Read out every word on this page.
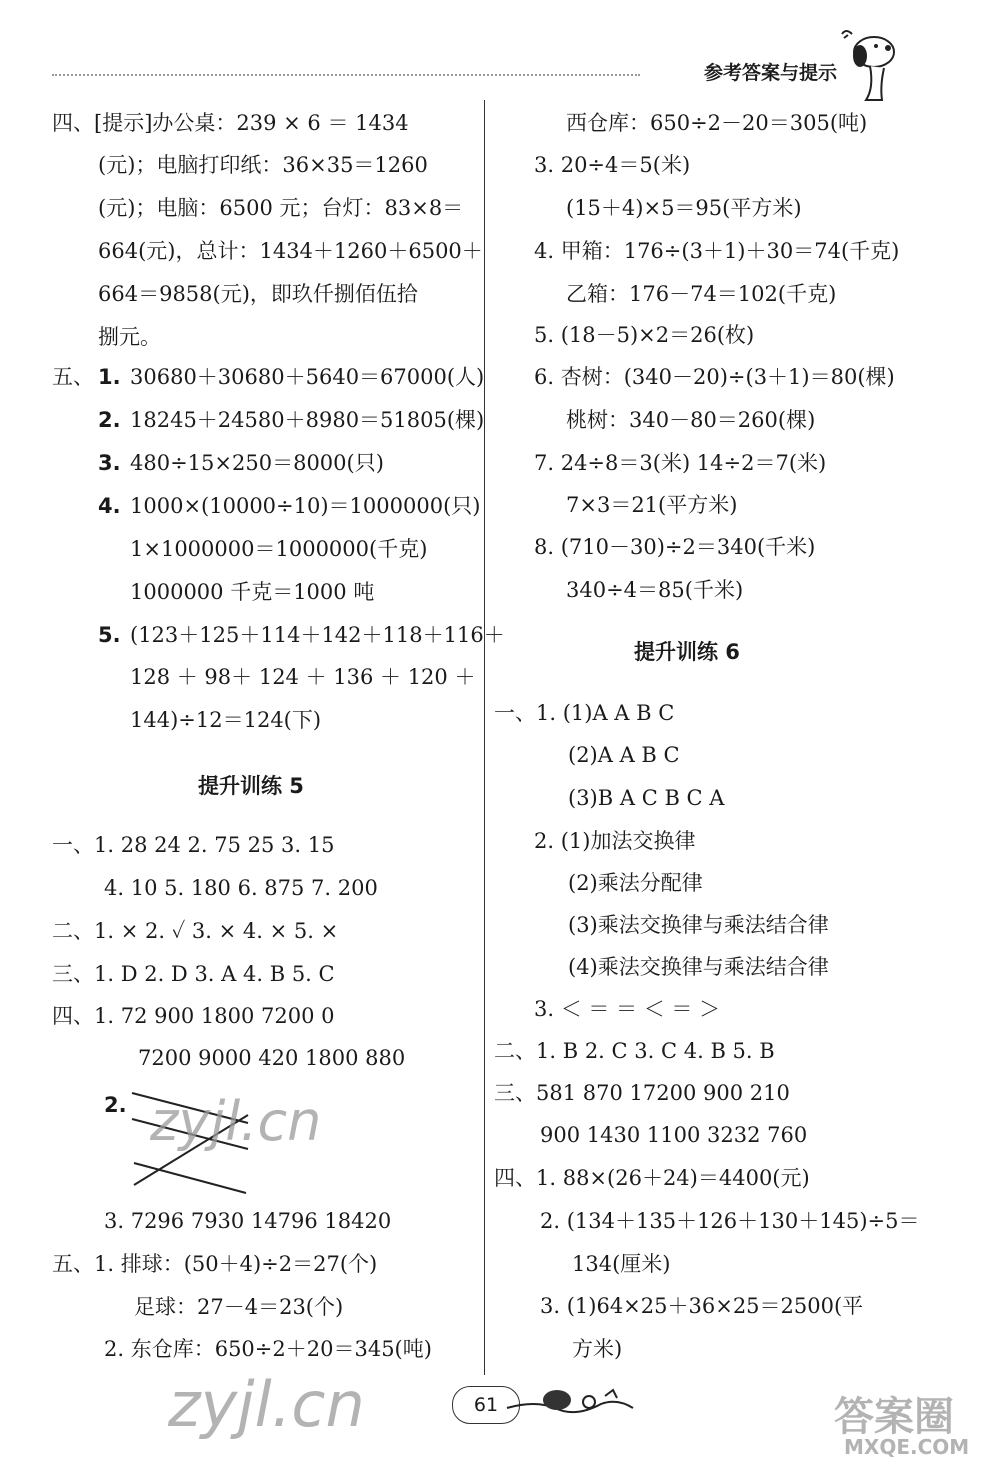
参考答案与提示
四、[提示]办公桌：239 × 6 ＝ 1434
(元)；电脑打印纸：36×35＝1260
(元)；电脑：6500 元；台灯：83×8＝
664(元)，总计：1434＋1260＋6500＋
664＝9858(元)，即玖仟捌佰伍拾
捌元。
五、 1. 30680＋30680＋5640＝67000(人)
2. 18245＋24580＋8980＝51805(棵)
3. 480÷15×250＝8000(只)
4. 1000×(10000÷10)＝1000000(只)
1×1000000＝1000000(千克)
1000000 千克＝1000 吨
5. (123＋125＋114＋142＋118＋116＋
128 ＋ 98＋ 124 ＋ 136 ＋ 120 ＋
144)÷12＝124(下)
提升训练 5
一、1. 28 24 2. 75 25 3. 15
4. 10 5. 180 6. 875 7. 200
二、1. × 2. ✓ 3. × 4. × 5. ×
三、1. D 2. D 3. A 4. B 5. C
四、1. 72 900 1800 7200 0
7200 9000 420 1800 880
2. zyjl.cn
3. 7296 7930 14796 18420
五、1. 排球：(50＋4)÷2＝27(个)
足球：27－4＝23(个)
2. 东仓库：650÷2＋20＝345(吨)
西仓库：650÷2－20＝305(吨)
3. 20÷4＝5(米)
(15＋4)×5＝95(平方米)
4. 甲箱：176÷(3＋1)＋30＝74(千克)
乙箱：176－74＝102(千克)
5. (18－5)×2＝26(枚)
6. 杏树：(340－20)÷(3＋1)＝80(棵)
桃树：340－80＝260(棵)
7. 24÷8＝3(米) 14÷2＝7(米)
7×3＝21(平方米)
8. (710－30)÷2＝340(千米)
340÷4＝85(千米)
提升训练 6
一、1. (1)A A B C
(2)A A B C
(3)B A C B C A
2. (1)加法交换律
(2)乘法分配律
(3)乘法交换律与乘法结合律
(4)乘法交换律与乘法结合律
3. ＜ ＝ ＝ ＜ ＝ ＞
二、1. B 2. C 3. C 4. B 5. B
三、581 870 17200 900 210
900 1430 1100 3232 760
四、1. 88×(26＋24)＝4400(元)
2. (134＋135＋126＋130＋145)÷5＝
134(厘米)
3. (1)64×25＋36×25＝2500(平
方米)
zyjl.cn	61	答案圈
MXQE.COM
